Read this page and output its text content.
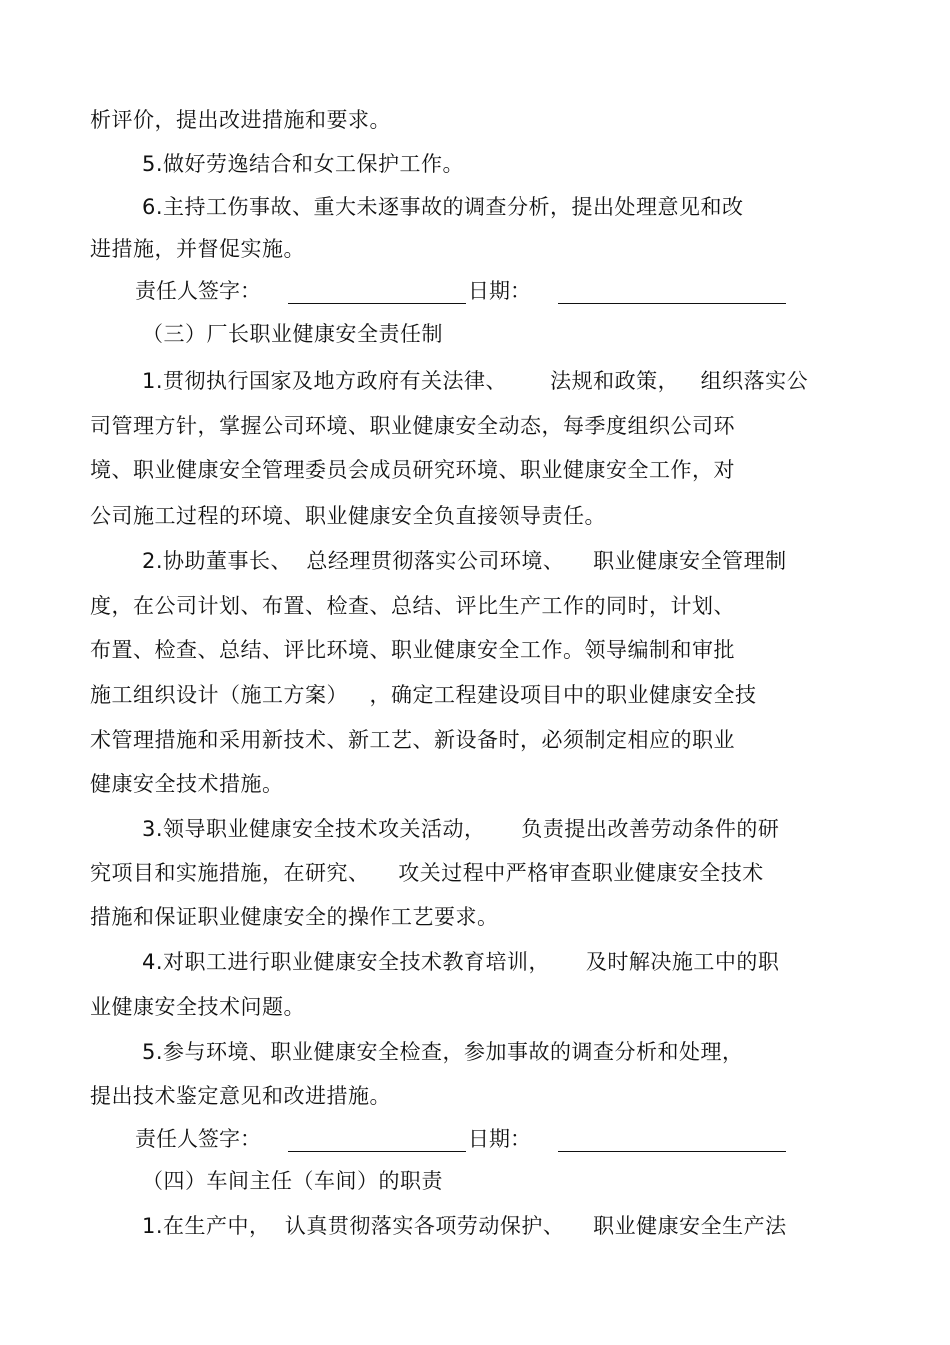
析评价，提出改进措施和要求。
5.做好劳逸结合和女工保护工作。
6.主持工伤事故、重大未逐事故的调查分析，提出处理意见和改
进措施，并督促实施。
责任人签字：	日期：
（三）厂长职业健康安全责任制
1.贯彻执行国家及地方政府有关法律、      法规和政策，   组织落实公
司管理方针，掌握公司环境、职业健康安全动态，每季度组织公司环
境、职业健康安全管理委员会成员研究环境、职业健康安全工作，对
公司施工过程的环境、职业健康安全负直接领导责任。
2.协助董事长、  总经理贯彻落实公司环境、    职业健康安全管理制
度，在公司计划、布置、检查、总结、评比生产工作的同时，计划、
布置、检查、总结、评比环境、职业健康安全工作。领导编制和审批
施工组织设计（施工方案）   ，确定工程建设项目中的职业健康安全技
术管理措施和采用新技术、新工艺、新设备时，必须制定相应的职业
健康安全技术措施。
3.领导职业健康安全技术攻关活动，     负责提出改善劳动条件的研
究项目和实施措施，在研究、    攻关过程中严格审查职业健康安全技术
措施和保证职业健康安全的操作工艺要求。
4.对职工进行职业健康安全技术教育培训，     及时解决施工中的职
业健康安全技术问题。
5.参与环境、职业健康安全检查，参加事故的调查分析和处理，
提出技术鉴定意见和改进措施。
责任人签字：	日期：
（四）车间主任（车间）的职责
1.在生产中，  认真贯彻落实各项劳动保护、    职业健康安全生产法
